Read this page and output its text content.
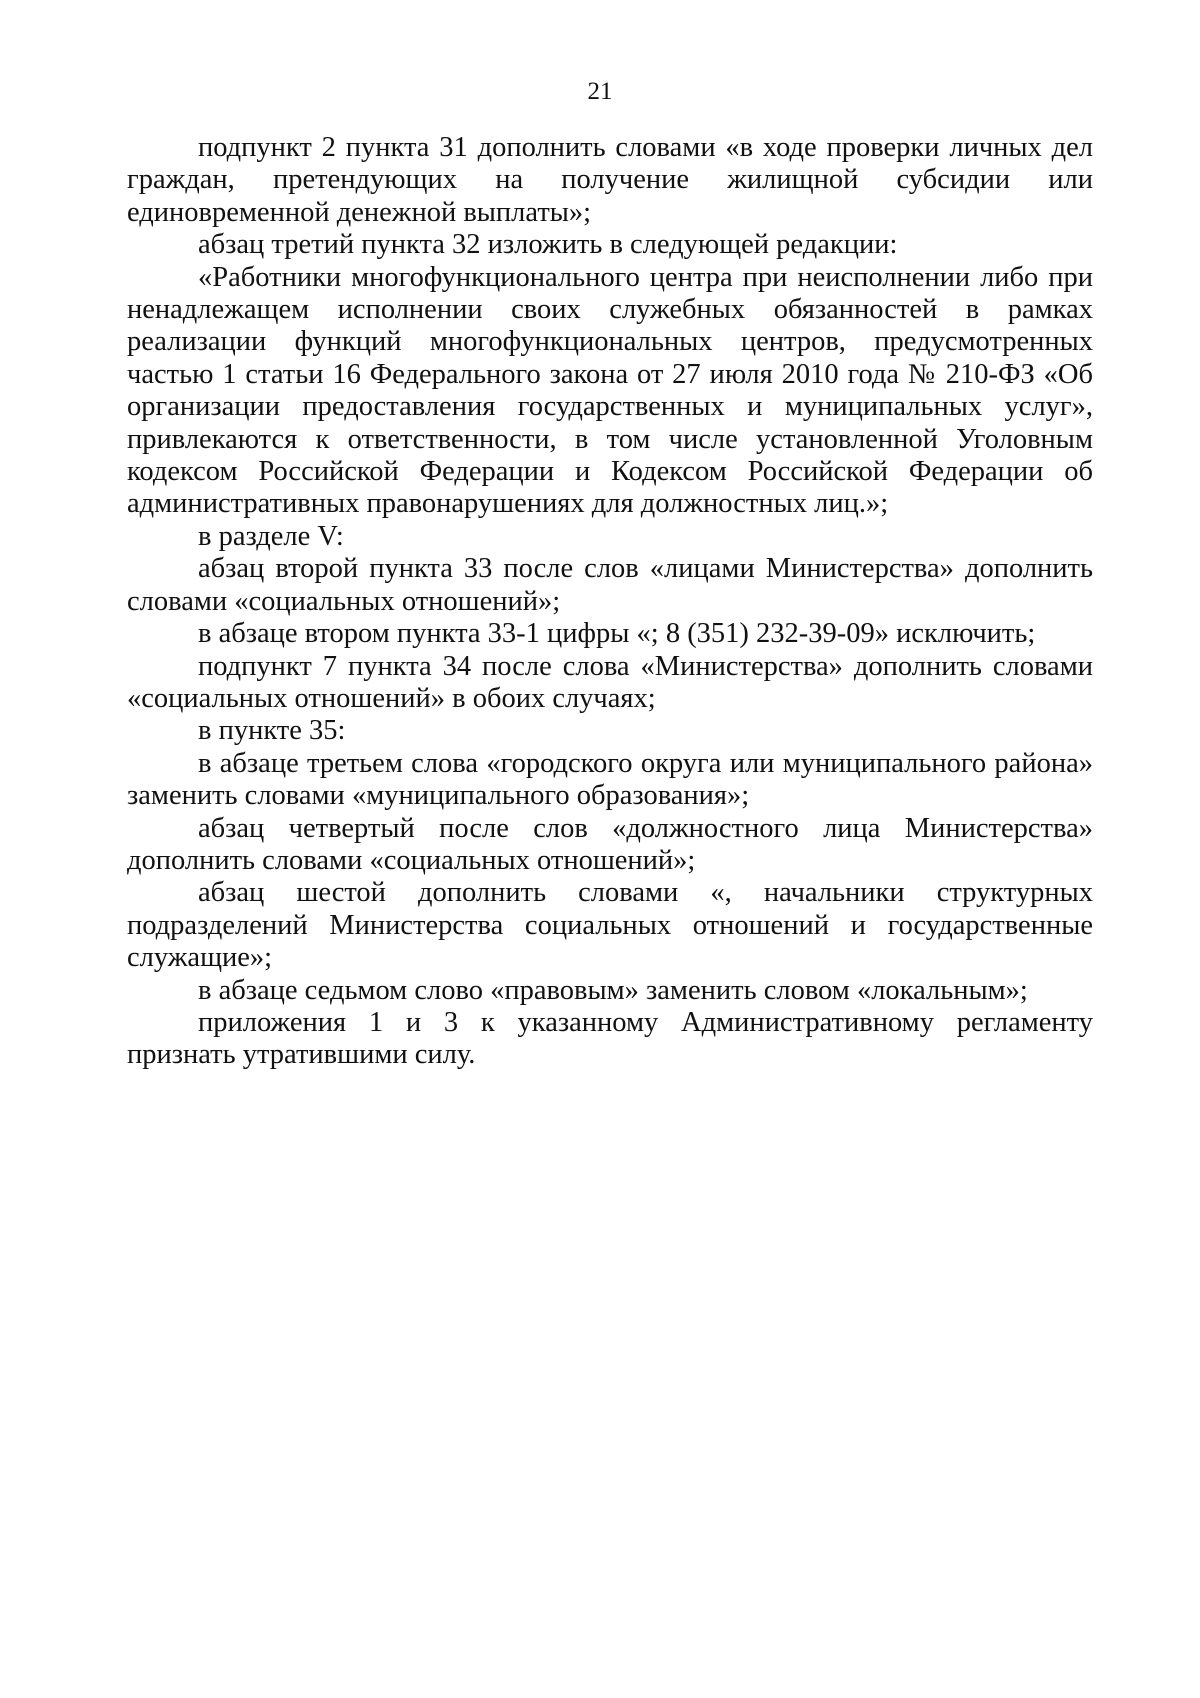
21

подпункт 2 пункта 31 дополнить словами «в ходе проверки личных дел граждан, претендующих на получение жилищной субсидии или единовременной денежной выплаты»;

абзац третий пункта 32 изложить в следующей редакции:

«Работники многофункционального центра при неисполнении либо при ненадлежащем исполнении своих служебных обязанностей в рамках реализации функций многофункциональных центров, предусмотренных частью 1 статьи 16 Федерального закона от 27 июля 2010 года № 210-ФЗ «Об организации предоставления государственных и муниципальных услуг», привлекаются к ответственности, в том числе установленной Уголовным кодексом Российской Федерации и Кодексом Российской Федерации об административных правонарушениях для должностных лиц.»;

в разделе V:

абзац второй пункта 33 после слов «лицами Министерства» дополнить словами «социальных отношений»;

в абзаце втором пункта 33-1 цифры «; 8 (351) 232-39-09» исключить;

подпункт 7 пункта 34 после слова «Министерства» дополнить словами «социальных отношений» в обоих случаях;

в пункте 35:

в абзаце третьем слова «городского округа или муниципального района» заменить словами «муниципального образования»;

абзац четвертый после слов «должностного лица Министерства» дополнить словами «социальных отношений»;

абзац шестой дополнить словами «, начальники структурных подразделений Министерства социальных отношений и государственные служащие»;

в абзаце седьмом слово «правовым» заменить словом «локальным»;

приложения 1 и 3 к указанному Административному регламенту признать утратившими силу.
